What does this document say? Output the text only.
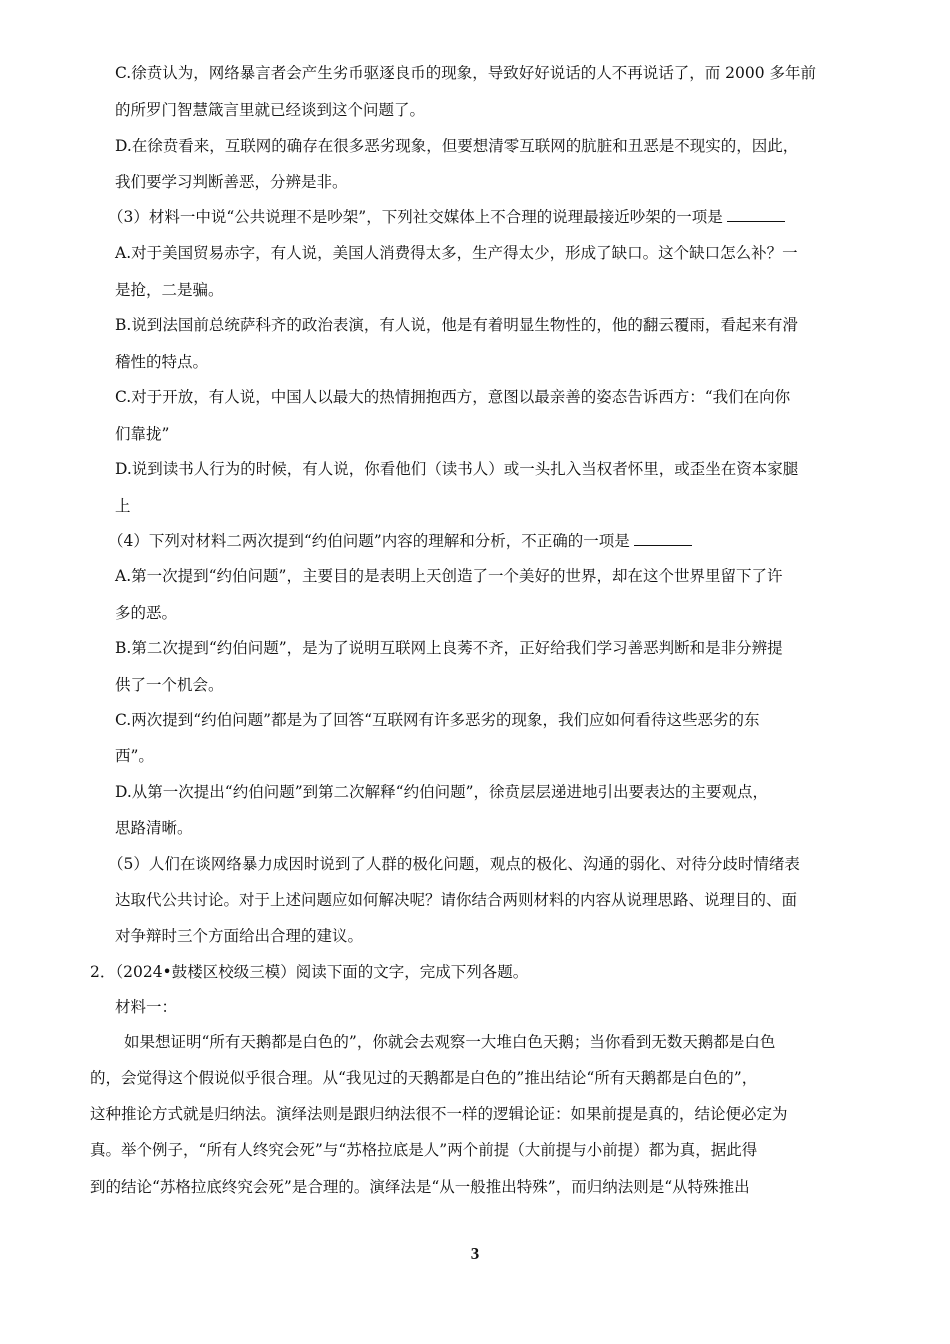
C.徐贲认为，网络暴言者会产生劣币驱逐良币的现象，导致好好说话的人不再说话了，而 2000 多年前
的所罗门智慧箴言里就已经谈到这个问题了。
D.在徐贲看来，互联网的确存在很多恶劣现象，但要想清零互联网的肮脏和丑恶是不现实的，因此，
我们要学习判断善恶，分辨是非。
（3）材料一中说“公共说理不是吵架”，下列社交媒体上不合理的说理最接近吵架的一项是
A.对于美国贸易赤字，有人说，美国人消费得太多，生产得太少，形成了缺口。这个缺口怎么补？一
是抢，二是骗。
B.说到法国前总统萨科齐的政治表演，有人说，他是有着明显生物性的，他的翻云覆雨，看起来有滑
稽性的特点。
C.对于开放，有人说，中国人以最大的热情拥抱西方，意图以最亲善的姿态告诉西方：“我们在向你
们靠拢”
D.说到读书人行为的时候，有人说，你看他们（读书人）或一头扎入当权者怀里，或歪坐在资本家腿
上
（4）下列对材料二两次提到“约伯问题”内容的理解和分析，不正确的一项是
A.第一次提到“约伯问题”，主要目的是表明上天创造了一个美好的世界，却在这个世界里留下了许
多的恶。
B.第二次提到“约伯问题”，是为了说明互联网上良莠不齐，正好给我们学习善恶判断和是非分辨提
供了一个机会。
C.两次提到“约伯问题”都是为了回答“互联网有许多恶劣的现象，我们应如何看待这些恶劣的东
西”。
D.从第一次提出“约伯问题”到第二次解释“约伯问题”，徐贲层层递进地引出要表达的主要观点，
思路清晰。
（5）人们在谈网络暴力成因时说到了人群的极化问题，观点的极化、沟通的弱化、对待分歧时情绪表
达取代公共讨论。对于上述问题应如何解决呢？请你结合两则材料的内容从说理思路、说理目的、面
对争辩时三个方面给出合理的建议。
2．（2024•鼓楼区校级三模）阅读下面的文字，完成下列各题。
材料一：
如果想证明“所有天鹅都是白色的”，你就会去观察一大堆白色天鹅；当你看到无数天鹅都是白色
的，会觉得这个假说似乎很合理。从“我见过的天鹅都是白色的”推出结论“所有天鹅都是白色的”，
这种推论方式就是归纳法。演绎法则是跟归纳法很不一样的逻辑论证：如果前提是真的，结论便必定为
真。举个例子，“所有人终究会死”与“苏格拉底是人”两个前提（大前提与小前提）都为真，据此得
到的结论“苏格拉底终究会死”是合理的。演绎法是“从一般推出特殊”，而归纳法则是“从特殊推出
3
